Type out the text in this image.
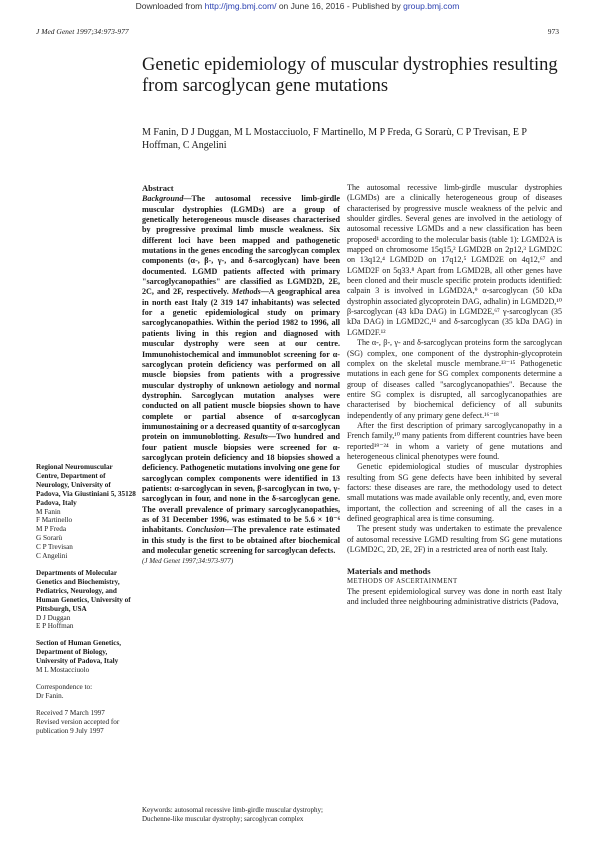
Downloaded from http://jmg.bmj.com/ on June 16, 2016 - Published by group.bmj.com
J Med Genet 1997;34:973-977	973
Genetic epidemiology of muscular dystrophies resulting from sarcoglycan gene mutations
M Fanin, D J Duggan, M L Mostacciuolo, F Martinello, M P Freda, G Sorarù, C P Trevisan, E P Hoffman, C Angelini

Regional Neuromuscular Centre, Department of Neurology, University of Padova, Via Giustiniani 5, 35128 Padova, Italy
M Fanin
F Martinello
M P Freda
G Sorarù
C P Trevisan
C Angelini

Departments of Molecular Genetics and Biochemistry, Pediatrics, Neurology, and Human Genetics, University of Pittsburgh, USA
D J Duggan
E P Hoffman

Section of Human Genetics, Department of Biology, University of Padova, Italy
M L Mostacciuolo

Correspondence to:
Dr Fanin.

Received 7 March 1997
Revised version accepted for publication 9 July 1997

Abstract
Background—The autosomal recessive limb-girdle muscular dystrophies (LGMDs) are a group of genetically heterogeneous muscle diseases characterised by progressive proximal limb muscle weakness. Six different loci have been mapped and pathogenetic mutations in the genes encoding the sarcoglycan complex components (α-, β-, γ-, and δ-sarcoglycan) have been documented. LGMD patients affected with primary "sarcoglycanopathies" are classified as LGMD2D, 2E, 2C, and 2F, respectively. Methods—A geographical area in north east Italy (2 319 147 inhabitants) was selected for a genetic epidemiological study on primary sarcoglycanopathies. Within the period 1982 to 1996, all patients living in this region and diagnosed with muscular dystrophy were seen at our centre. Immunohistochemical and immunoblot screening for α-sarcoglycan protein deficiency was performed on all muscle biopsies from patients with a progressive muscular dystrophy of unknown aetiology and normal dystrophin. Sarcoglycan mutation analyses were conducted on all patient muscle biopsies shown to have complete or partial absence of α-sarcoglycan immunostaining or a decreased quantity of α-sarcoglycan protein on immunoblotting. Results—Two hundred and four patient muscle biopsies were screened for α-sarcoglycan protein deficiency and 18 biopsies showed a deficiency. Pathogenetic mutations involving one gene for sarcoglycan complex components were identified in 13 patients: α-sarcoglycan in seven, β-sarcoglycan in two, γ-sarcoglycan in four, and none in the δ-sarcoglycan gene. The overall prevalence of primary sarcoglycanopathies, as of 31 December 1996, was estimated to be 5.6 × 10⁻⁶ inhabitants. Conclusion—The prevalence rate estimated in this study is the first to be obtained after biochemical and molecular genetic screening for sarcoglycan defects.
(J Med Genet 1997;34:973-977)
Keywords: autosomal recessive limb-girdle muscular dystrophy; Duchenne-like muscular dystrophy; sarcoglycan complex

The autosomal recessive limb-girdle muscular dystrophies (LGMDs) are a clinically heterogeneous group of diseases characterised by progressive muscle weakness of the pelvic and shoulder girdles. Several genes are involved in the aetiology of autosomal recessive LGMDs and a new classification has been proposed¹ according to the molecular basis (table 1): LGMD2A is mapped on chromosome 15q15,² LGMD2B on 2p12,³ LGMD2C on 13q12,⁴ LGMD2D on 17q12,⁵ LGMD2E on 4q12,⁶⁷ and LGMD2F on 5q33.⁸ Apart from LGMD2B, all other genes have been cloned and their muscle specific protein products identified: calpain 3 is involved in LGMD2A,⁹ α-sarcoglycan (50 kDa dystrophin associated glycoprotein DAG, adhalin) in LGMD2D,¹⁰ β-sarcoglycan (43 kDa DAG) in LGMD2E,⁶⁷ γ-sarcoglycan (35 kDa DAG) in LGMD2C,¹¹ and δ-sarcoglycan (35 kDa DAG) in LGMD2F.¹²

The α-, β-, γ- and δ-sarcoglycan proteins form the sarcoglycan (SG) complex, one component of the dystrophin-glycoprotein complex on the skeletal muscle membrane.¹³⁻¹⁵ Pathogenetic mutations in each gene for SG complex components determine a group of diseases called "sarcoglycanopathies". Because the entire SG complex is disrupted, all sarcoglycanopathies are characterised by biochemical deficiency of all subunits independently of any primary gene defect.¹⁶⁻¹⁸

After the first description of primary sarcoglycanopathy in a French family,¹⁰ many patients from different countries have been reported¹⁹⁻²⁴ in whom a variety of gene mutations and heterogeneous clinical phenotypes were found.

Genetic epidemiological studies of muscular dystrophies resulting from SG gene defects have been inhibited by several factors: these diseases are rare, the methodology used to detect small mutations was made available only recently, and, even more important, the collection and screening of all the cases in a defined geographical area is time consuming.

The present study was undertaken to estimate the prevalence of autosomal recessive LGMD resulting from SG gene mutations (LGMD2C, 2D, 2E, 2F) in a restricted area of north east Italy.

Materials and methods
METHODS OF ASCERTAINMENT

The present epidemiological survey was done in north east Italy and included three neighbouring administrative districts (Padova,
